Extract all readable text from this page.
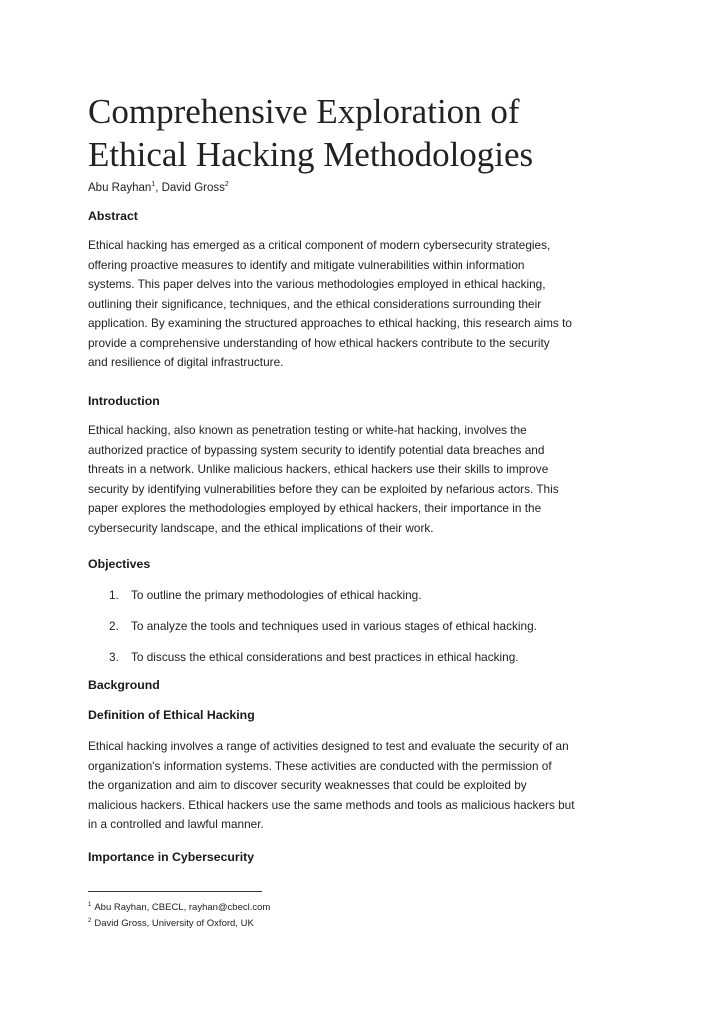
Comprehensive Exploration of
Ethical Hacking Methodologies
Abu Rayhan$^1$, David Gross$^2$
Abstract
Ethical hacking has emerged as a critical component of modern cybersecurity strategies,
offering proactive measures to identify and mitigate vulnerabilities within information
systems. This paper delves into the various methodologies employed in ethical hacking,
outlining their significance, techniques, and the ethical considerations surrounding their
application. By examining the structured approaches to ethical hacking, this research aims to
provide a comprehensive understanding of how ethical hackers contribute to the security
and resilience of digital infrastructure.
Introduction
Ethical hacking, also known as penetration testing or white-hat hacking, involves the
authorized practice of bypassing system security to identify potential data breaches and
threats in a network. Unlike malicious hackers, ethical hackers use their skills to improve
security by identifying vulnerabilities before they can be exploited by nefarious actors. This
paper explores the methodologies employed by ethical hackers, their importance in the
cybersecurity landscape, and the ethical implications of their work.
Objectives
1. To outline the primary methodologies of ethical hacking.
2. To analyze the tools and techniques used in various stages of ethical hacking.
3. To discuss the ethical considerations and best practices in ethical hacking.
Background
Definition of Ethical Hacking
Ethical hacking involves a range of activities designed to test and evaluate the security of an
organization's information systems. These activities are conducted with the permission of
the organization and aim to discover security weaknesses that could be exploited by
malicious hackers. Ethical hackers use the same methods and tools as malicious hackers but
in a controlled and lawful manner.
Importance in Cybersecurity
$^1$ Abu Rayhan, CBECL, rayhan@cbecl.com
$^2$ David Gross, University of Oxford, UK
